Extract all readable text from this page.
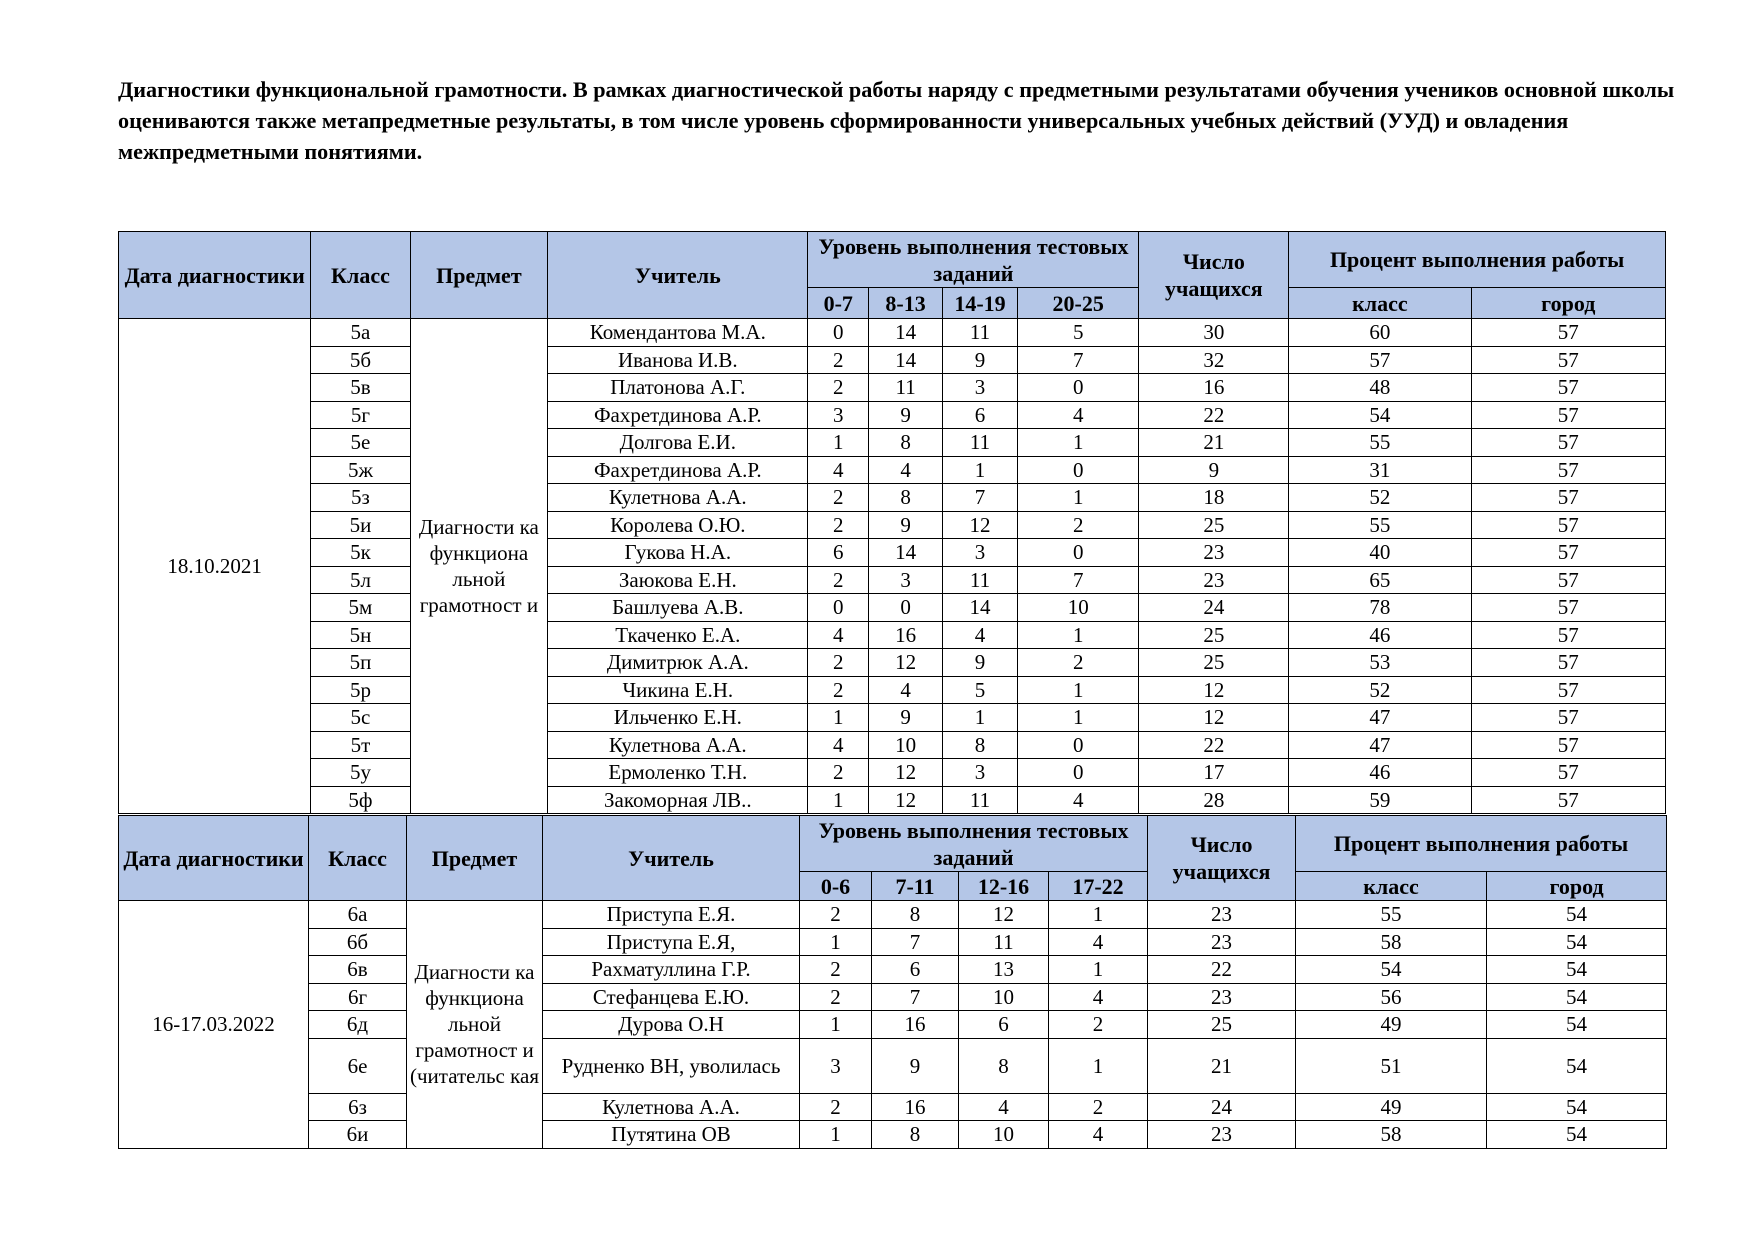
Диагностики функциональной грамотности. В рамках диагностической работы наряду с предметными результатами обучения учеников основной школы оцениваются также метапредметные результаты, в том числе уровень сформированности универсальных учебных действий (УУД) и овладения межпредметными понятиями.
Дата диагностики	Класс	Предмет	Учитель	Уровень выполнения тестовых заданий				Число учащихся	Процент выполнения работы	
				0-7	8-13	14-19	20-25		класс	город
18.10.2021	5а	Диагности ка функциона льной грамотност и	Комендантова М.А.	0	14	11	5	30	60	57
	5б		Иванова И.В.	2	14	9	7	32	57	57
	5в		Платонова А.Г.	2	11	3	0	16	48	57
	5г		Фахретдинова А.Р.	3	9	6	4	22	54	57
	5е		Долгова Е.И.	1	8	11	1	21	55	57
	5ж		Фахретдинова А.Р.	4	4	1	0	9	31	57
	5з		Кулетнова А.А.	2	8	7	1	18	52	57
	5и		Королева О.Ю.	2	9	12	2	25	55	57
	5к		Гукова Н.А.	6	14	3	0	23	40	57
	5л		Заюкова Е.Н.	2	3	11	7	23	65	57
	5м		Башлуева А.В.	0	0	14	10	24	78	57
	5н		Ткаченко Е.А.	4	16	4	1	25	46	57
	5п		Димитрюк А.А.	2	12	9	2	25	53	57
	5р		Чикина Е.Н.	2	4	5	1	12	52	57
	5с		Ильченко Е.Н.	1	9	1	1	12	47	57
	5т		Кулетнова А.А.	4	10	8	0	22	47	57
	5у		Ермоленко Т.Н.	2	12	3	0	17	46	57
	5ф		Закоморная ЛВ..	1	12	11	4	28	59	57
Дата диагностики	Класс	Предмет	Учитель	Уровень выполнения тестовых заданий				Число учащихся	Процент выполнения работы	
				0-6	7-11	12-16	17-22		класс	город
16-17.03.2022	6а	Диагности ка функциона льной грамотност и (читательс кая	Приступа Е.Я.	2	8	12	1	23	55	54
	6б		Приступа Е.Я,	1	7	11	4	23	58	54
	6в		Рахматуллина Г.Р.	2	6	13	1	22	54	54
	6г		Стефанцева Е.Ю.	2	7	10	4	23	56	54
	6д		Дурова О.Н	1	16	6	2	25	49	54
	6е		Рудненко ВН, уволилась	3	9	8	1	21	51	54
	6з		Кулетнова А.А.	2	16	4	2	24	49	54
	6и		Путятина ОВ	1	8	10	4	23	58	54
